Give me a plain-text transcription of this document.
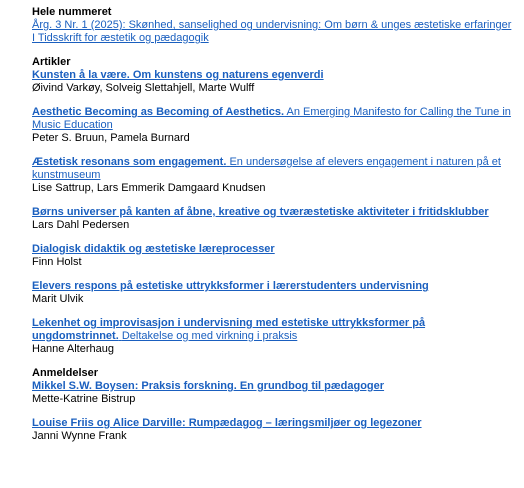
Hele nummeret
Årg. 3 Nr. 1 (2025): Skønhed, sanselighed og undervisning: Om børn & unges æstetiske erfaringer I Tidsskrift for æstetik og pædagogik
Artikler
Kunsten å la være. Om kunstens og naturens egenverdi
Øivind Varkøy, Solveig Slettahjell, Marte Wulff
Aesthetic Becoming as Becoming of Aesthetics. An Emerging Manifesto for Calling the Tune in Music Education
Peter S. Bruun, Pamela Burnard
Æstetisk resonans som engagement. En undersøgelse af elevers engagement i naturen på et kunstmuseum
Lise Sattrup, Lars Emmerik Damgaard Knudsen
Børns universer på kanten af åbne, kreative og tværæstetiske aktiviteter i fritidsklubber
Lars Dahl Pedersen
Dialogisk didaktik og æstetiske læreprocesser
Finn Holst
Elevers respons på estetiske uttrykksformer i lærerstudenters undervisning
Marit Ulvik
Lekenhet og improvisasjon i undervisning med estetiske uttrykksformer på ungdomstrinnet. Deltakelse og med virkning i praksis
Hanne Alterhaug
Anmeldelser
Mikkel S.W. Boysen: Praksis forskning. En grundbog til pædagoger
Mette-Katrine Bistrup
Louise Friis og Alice Darville: Rumpædagog – læringsmiljøer og legezoner
Janni Wynne Frank
